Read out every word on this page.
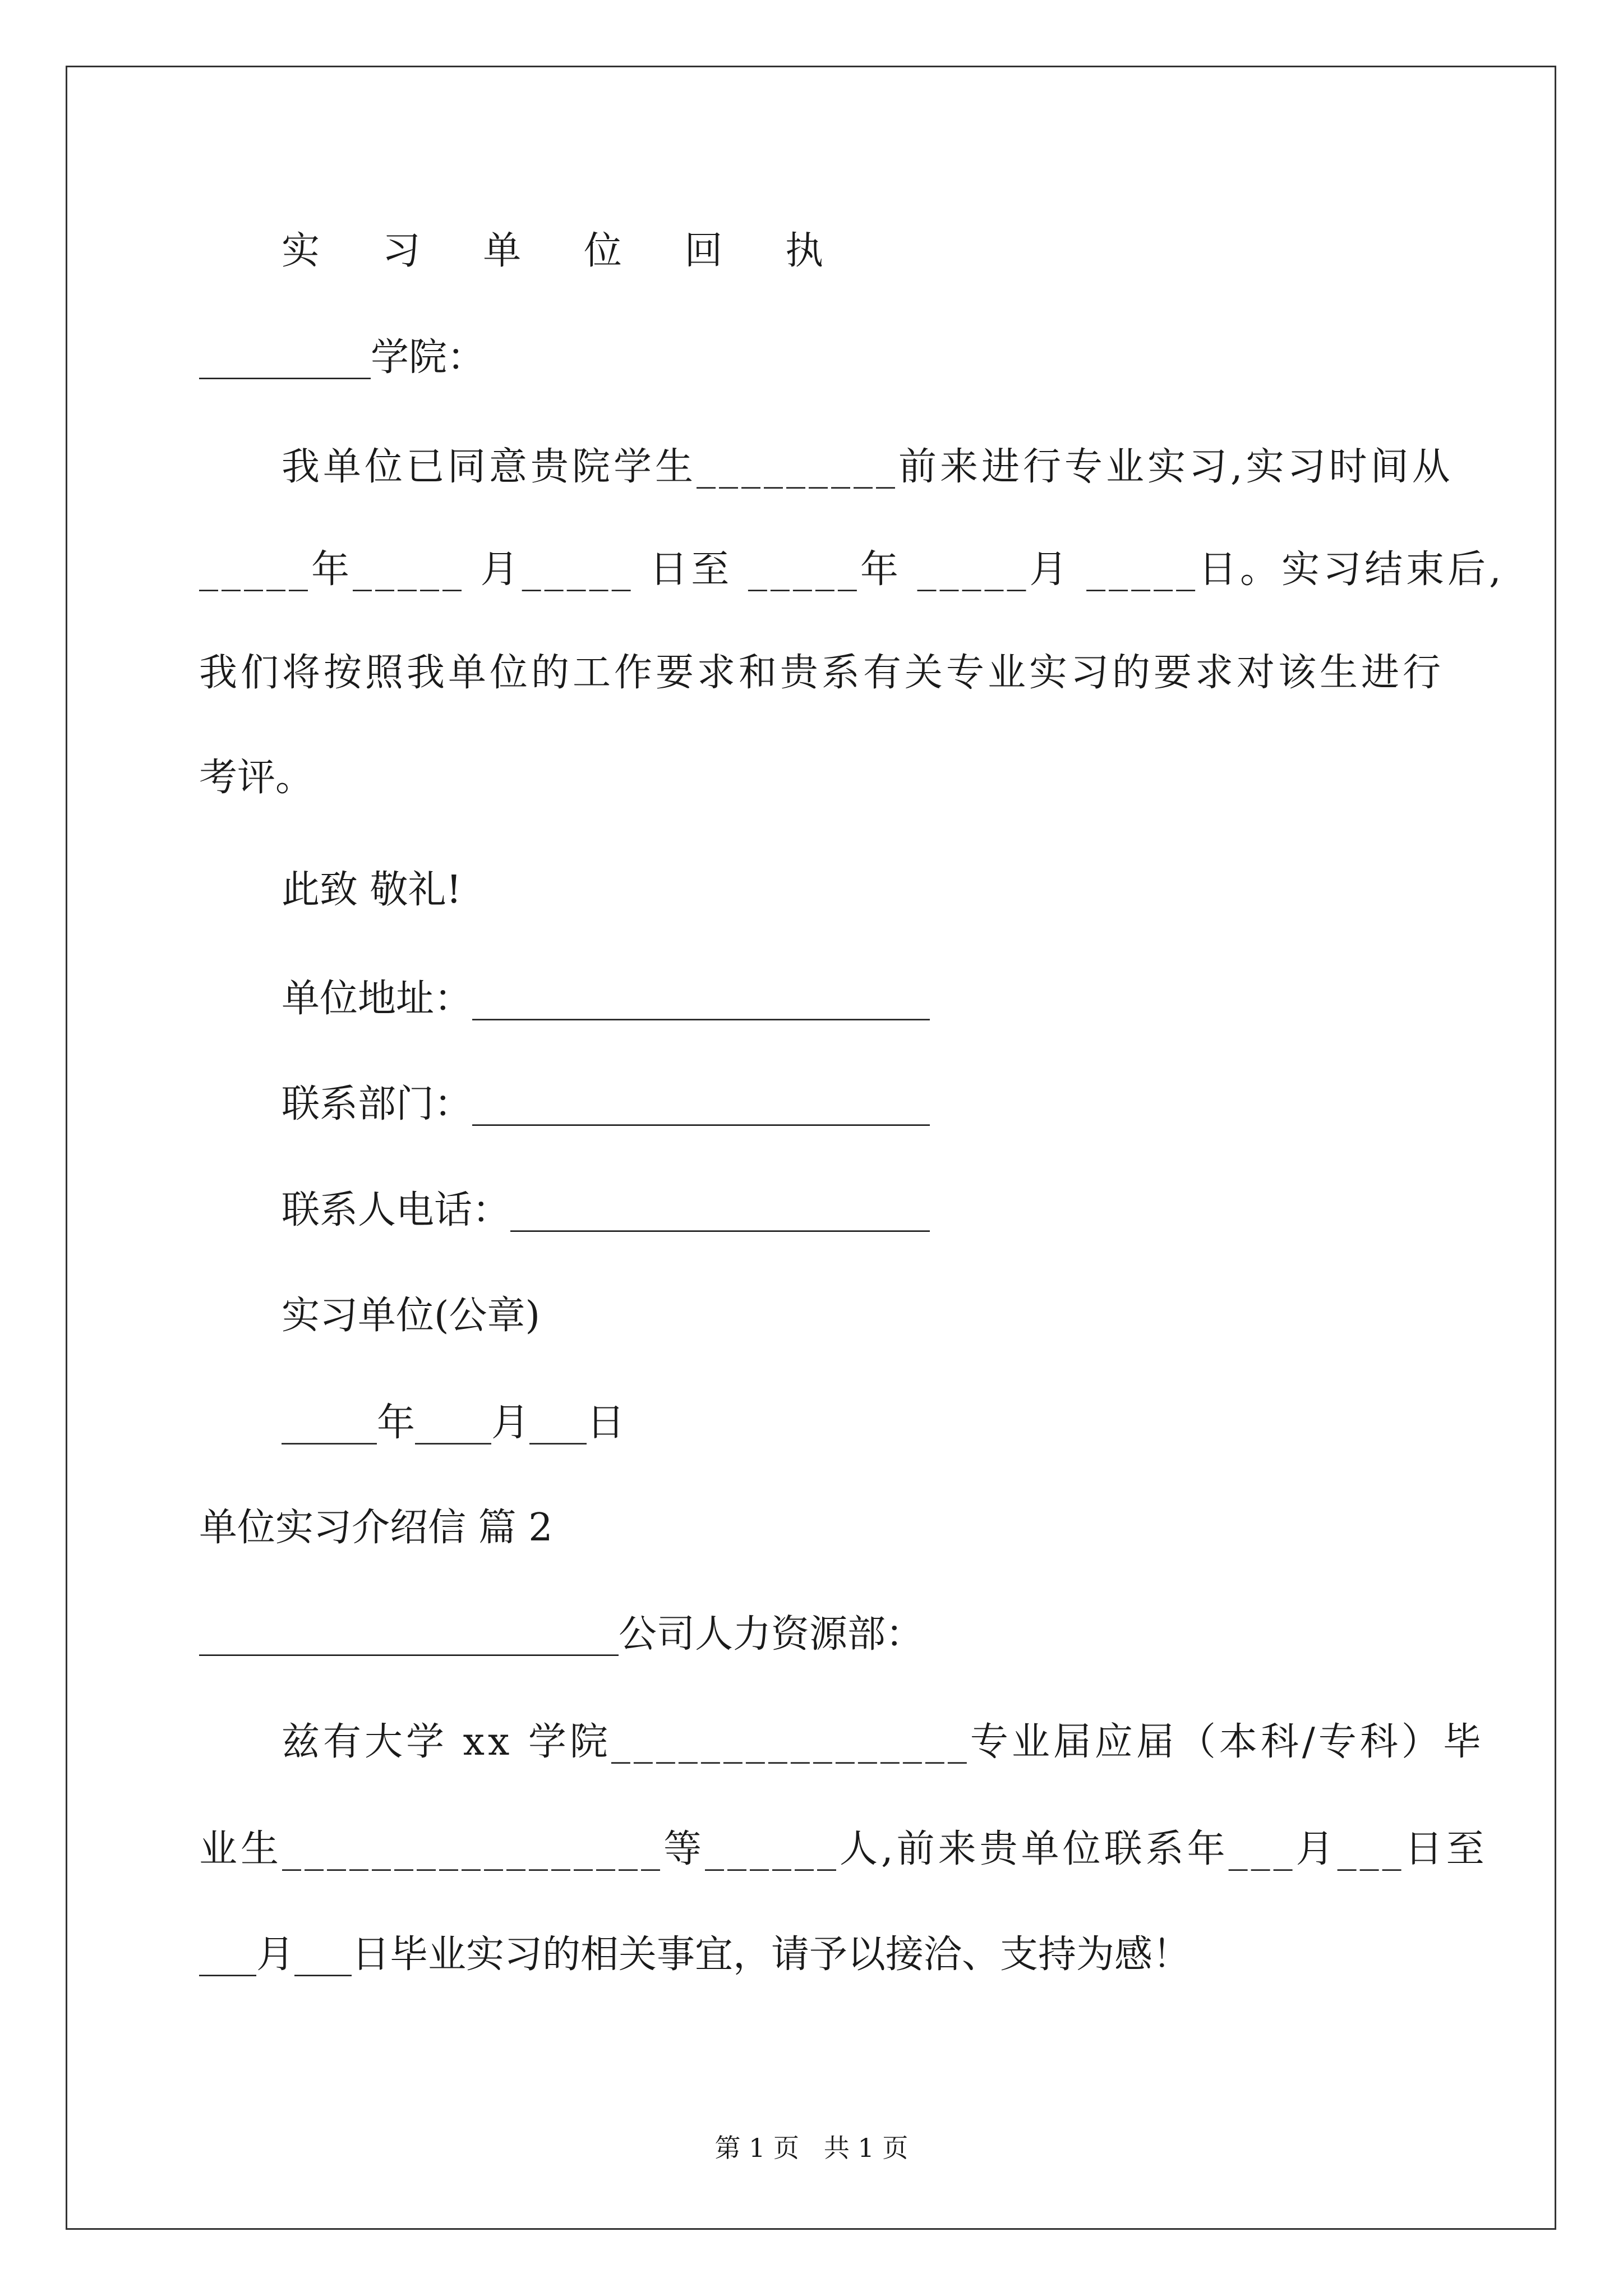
实 习 单 位 回 执

_________学院：

我单位已同意贵院学生_________前来进行专业实习,实习时间从

_____年_____ 月_____ 日至 _____年 _____月 _____日。实习结束后,

我们将按照我单位的工作要求和贵系有关专业实习的要求对该生进行

考评。

此致 敬礼!

单位地址：________________________

联系部门：________________________

联系人电话：______________________

实习单位(公章)

_____年____月___日

单位实习介绍信 篇 2

______________________公司人力资源部：

兹有大学 xx 学院________________专业届应届（本科/专科）毕

业生_________________等______人,前来贵单位联系年___月___日至

___月___日毕业实习的相关事宜，请予以接洽、支持为感！

第 1 页   共 1 页
